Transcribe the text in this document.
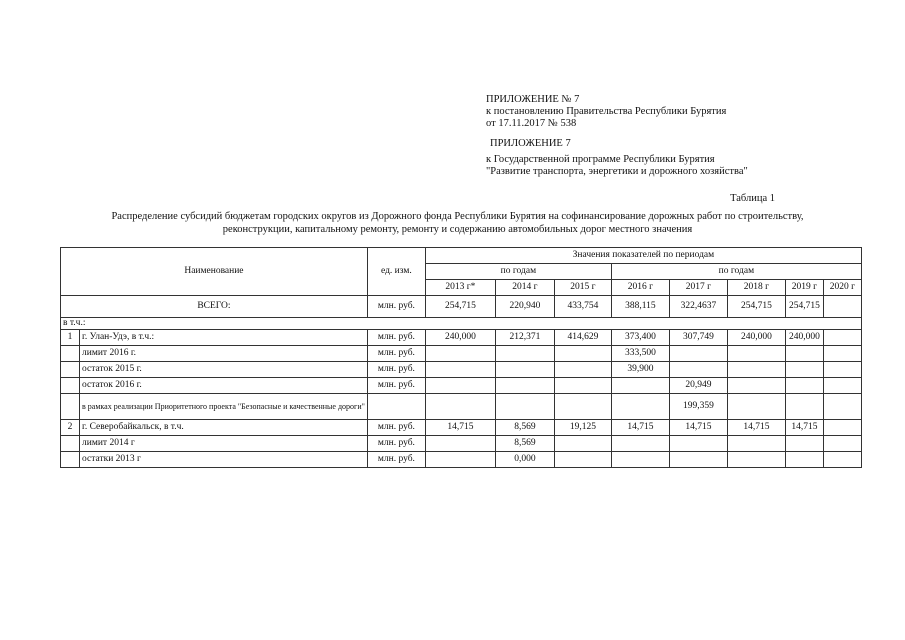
ПРИЛОЖЕНИЕ № 7
к постановлению Правительства Республики Бурятия
от 17.11.2017 № 538
ПРИЛОЖЕНИЕ 7
к Государственной программе Республики Бурятия
"Развитие транспорта, энергетики и дорожного хозяйства"
Таблица 1
Распределение субсидий бюджетам городских округов из Дорожного фонда Республики Бурятия на софинансирование дорожных работ по строительству,
реконструкции, капитальному ремонту, ремонту и содержанию автомобильных дорог местного значения
Наименование		ед. изм.	Значения показателей по периодам							
			по годам			по годам				
			2013 г*	2014 г	2015 г	2016 г	2017 г	2018 г	2019 г	2020 г
ВСЕГО:		млн. руб.	254,715	220,940	433,754	388,115	322,4637	254,715	254,715	
в т.ч.:										
1	г. Улан-Удэ, в т.ч.:	млн. руб.	240,000	212,371	414,629	373,400	307,749	240,000	240,000	
	лимит 2016 г.	млн. руб.				333,500				
	остаток 2015 г.	млн. руб.				39,900				
	остаток 2016 г.	млн. руб.					20,949			
	в рамках реализации Приоритетного проекта "Безопасные и качественные дороги"						199,359			
2	г. Северобайкальск, в т.ч.	млн. руб.	14,715	8,569	19,125	14,715	14,715	14,715	14,715	
	лимит 2014 г	млн. руб.		8,569						
	остатки 2013 г	млн. руб.		0,000						
